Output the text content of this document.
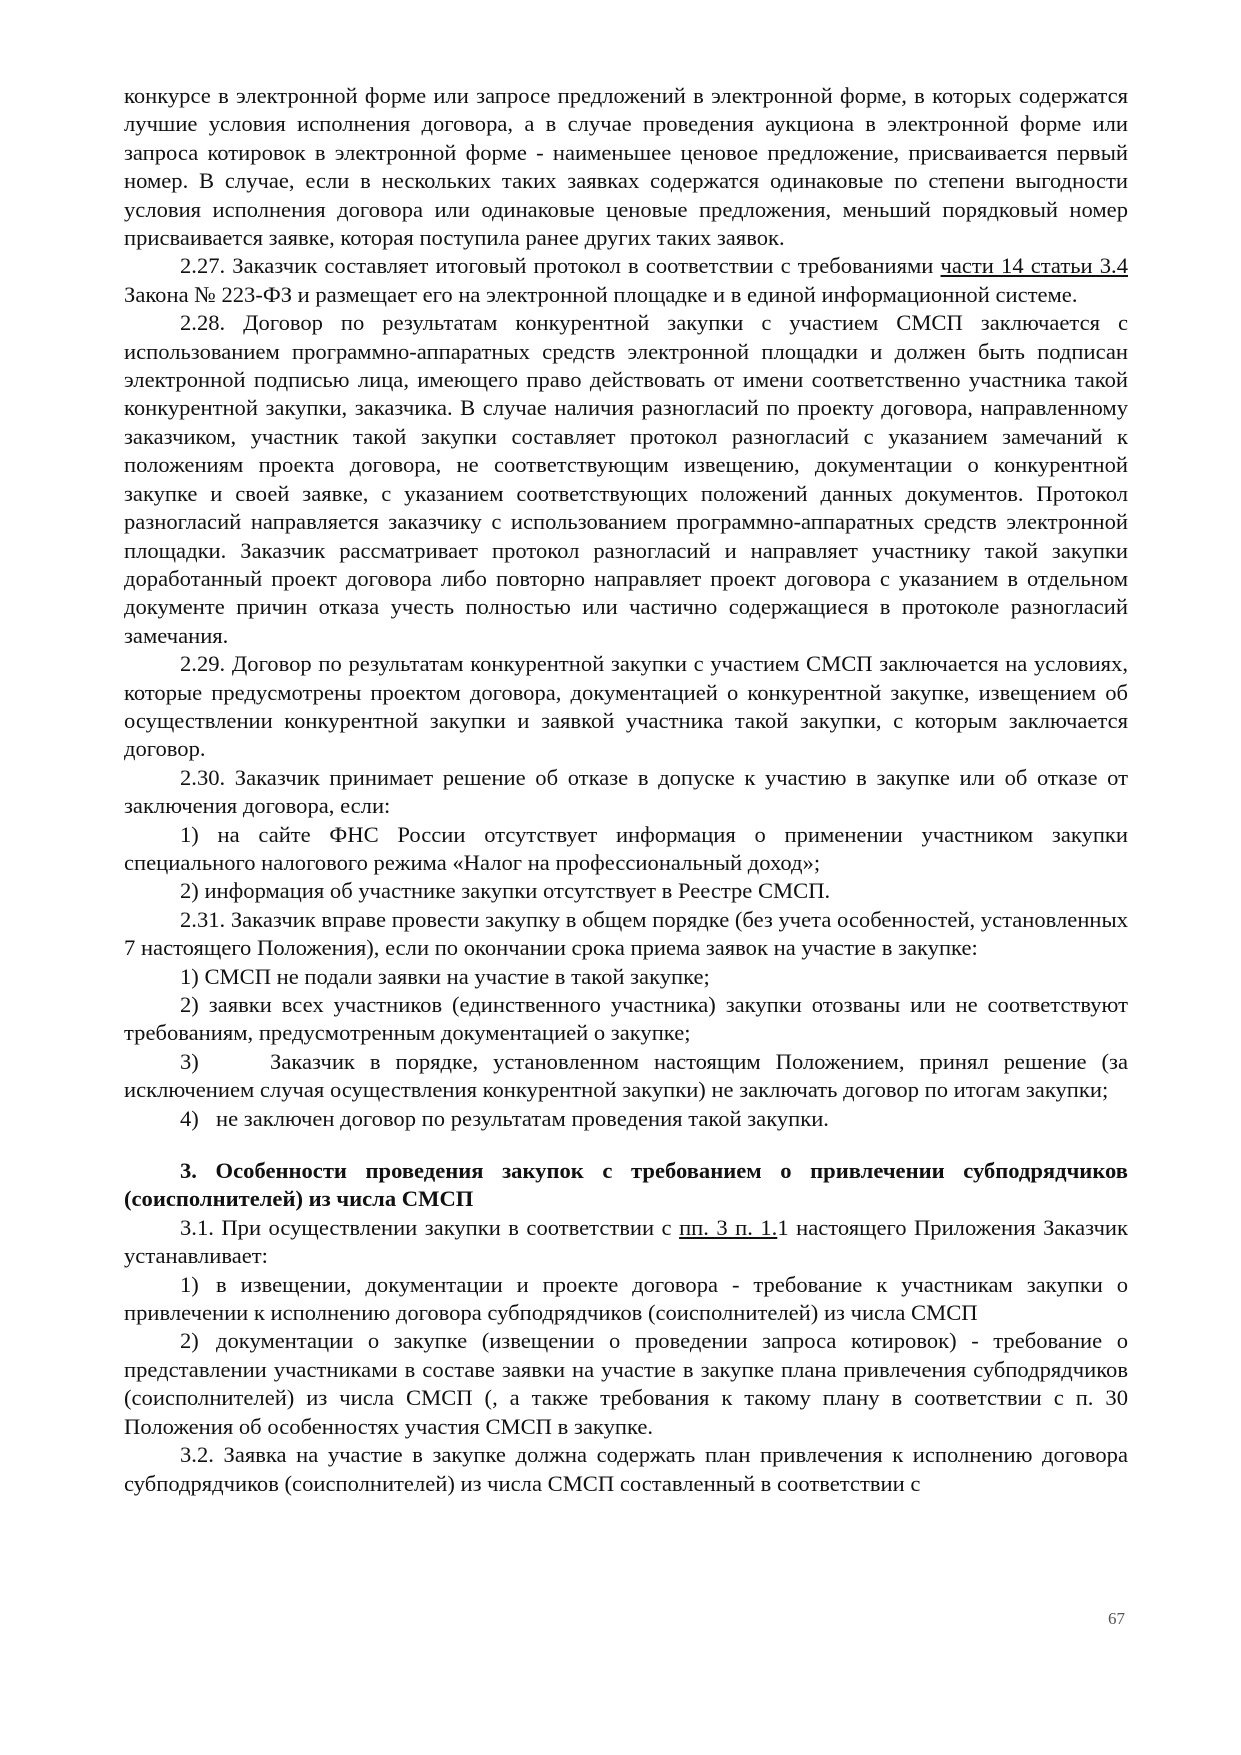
конкурсе в электронной форме или запросе предложений в электронной форме, в которых содержатся лучшие условия исполнения договора, а в случае проведения аукциона в электронной форме или запроса котировок в электронной форме - наименьшее ценовое предложение, присваивается первый номер. В случае, если в нескольких таких заявках содержатся одинаковые по степени выгодности условия исполнения договора или одинаковые ценовые предложения, меньший порядковый номер присваивается заявке, которая поступила ранее других таких заявок.

2.27. Заказчик составляет итоговый протокол в соответствии с требованиями части 14 статьи 3.4 Закона № 223-ФЗ и размещает его на электронной площадке и в единой информационной системе.

2.28. Договор по результатам конкурентной закупки с участием СМСП заключается с использованием программно-аппаратных средств электронной площадки и должен быть подписан электронной подписью лица, имеющего право действовать от имени соответственно участника такой конкурентной закупки, заказчика. В случае наличия разногласий по проекту договора, направленному заказчиком, участник такой закупки составляет протокол разногласий с указанием замечаний к положениям проекта договора, не соответствующим извещению, документации о конкурентной закупке и своей заявке, с указанием соответствующих положений данных документов. Протокол разногласий направляется заказчику с использованием программно-аппаратных средств электронной площадки. Заказчик рассматривает протокол разногласий и направляет участнику такой закупки доработанный проект договора либо повторно направляет проект договора с указанием в отдельном документе причин отказа учесть полностью или частично содержащиеся в протоколе разногласий замечания.

2.29. Договор по результатам конкурентной закупки с участием СМСП заключается на условиях, которые предусмотрены проектом договора, документацией о конкурентной закупке, извещением об осуществлении конкурентной закупки и заявкой участника такой закупки, с которым заключается договор.

2.30. Заказчик принимает решение об отказе в допуске к участию в закупке или об отказе от заключения договора, если:

1) на сайте ФНС России отсутствует информация о применении участником закупки специального налогового режима «Налог на профессиональный доход»;

2) информация об участнике закупки отсутствует в Реестре СМСП.

2.31. Заказчик вправе провести закупку в общем порядке (без учета особенностей, установленных 7 настоящего Положения), если по окончании срока приема заявок на участие в закупке:

1) СМСП не подали заявки на участие в такой закупке;

2) заявки всех участников (единственного участника) закупки отозваны или не соответствуют требованиям, предусмотренным документацией о закупке;

3)	Заказчик в порядке, установленном настоящим Положением, принял решение (за исключением случая осуществления конкурентной закупки) не заключать договор по итогам закупки;

4) не заключен договор по результатам проведения такой закупки.

3. Особенности проведения закупок с требованием о привлечении субподрядчиков (соисполнителей) из числа СМСП

3.1. При осуществлении закупки в соответствии с пп. 3 п. 1.1 настоящего Приложения Заказчик устанавливает:

1) в извещении, документации и проекте договора - требование к участникам закупки о привлечении к исполнению договора субподрядчиков (соисполнителей) из числа СМСП

2) документации о закупке (извещении о проведении запроса котировок) - требование о представлении участниками в составе заявки на участие в закупке плана привлечения субподрядчиков (соисполнителей) из числа СМСП (, а также требования к такому плану в соответствии с п. 30 Положения об особенностях участия СМСП в закупке.

3.2. Заявка на участие в закупке должна содержать план привлечения к исполнению договора субподрядчиков (соисполнителей) из числа СМСП составленный в соответствии с

67
